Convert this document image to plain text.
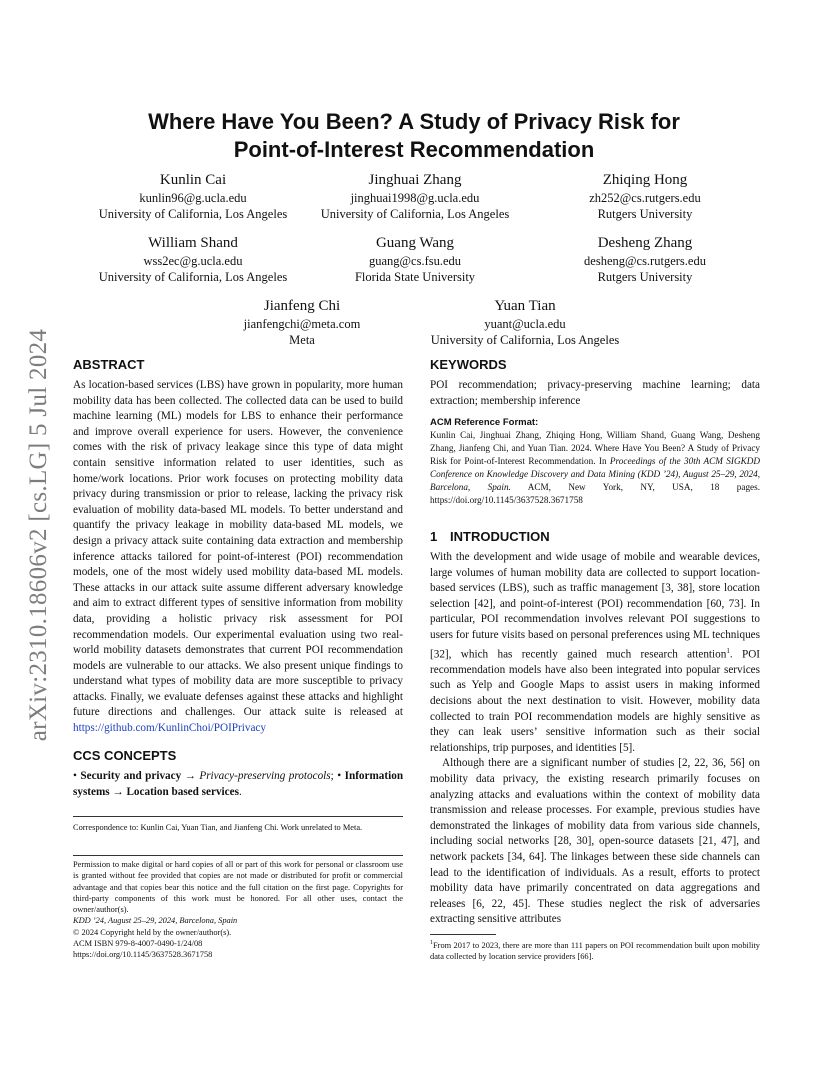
arXiv:2310.18606v2 [cs.LG] 5 Jul 2024
Where Have You Been? A Study of Privacy Risk for
Point-of-Interest Recommendation
Kunlin Cai
kunlin96@g.ucla.edu
University of California, Los Angeles
Jinghuai Zhang
jinghuai1998@g.ucla.edu
University of California, Los Angeles
Zhiqing Hong
zh252@cs.rutgers.edu
Rutgers University
William Shand
wss2ec@g.ucla.edu
University of California, Los Angeles
Guang Wang
guang@cs.fsu.edu
Florida State University
Desheng Zhang
desheng@cs.rutgers.edu
Rutgers University
Jianfeng Chi
jianfengchi@meta.com
Meta
Yuan Tian
yuant@ucla.edu
University of California, Los Angeles
ABSTRACT

As location-based services (LBS) have grown in popularity, more human mobility data has been collected. The collected data can be used to build machine learning (ML) models for LBS to enhance their performance and improve overall experience for users. However, the convenience comes with the risk of privacy leakage since this type of data might contain sensitive information related to user identities, such as home/work locations. Prior work focuses on protecting mobility data privacy during transmission or prior to release, lacking the privacy risk evaluation of mobility data-based ML models. To better understand and quantify the privacy leakage in mobility data-based ML models, we design a privacy attack suite containing data extraction and membership inference attacks tailored for point-of-interest (POI) recommendation models, one of the most widely used mobility data-based ML models. These attacks in our attack suite assume different adversary knowledge and aim to extract different types of sensitive information from mobility data, providing a holistic privacy risk assessment for POI recommendation models. Our experimental evaluation using two real-world mobility datasets demonstrates that current POI recommendation models are vulnerable to our attacks. We also present unique findings to understand what types of mobility data are more susceptible to privacy attacks. Finally, we evaluate defenses against these attacks and highlight future directions and challenges. Our attack suite is released at https://github.com/KunlinChoi/POIPrivacy

CCS CONCEPTS

• Security and privacy → Privacy-preserving protocols; • Information systems → Location based services.

Correspondence to: Kunlin Cai, Yuan Tian, and Jianfeng Chi. Work unrelated to Meta.

Permission to make digital or hard copies of all or part of this work for personal or classroom use is granted without fee provided that copies are not made or distributed for profit or commercial advantage and that copies bear this notice and the full citation on the first page. Copyrights for third-party components of this work must be honored. For all other uses, contact the owner/author(s).

KDD ’24, August 25–29, 2024, Barcelona, Spain
© 2024 Copyright held by the owner/author(s).
ACM ISBN 979-8-4007-0490-1/24/08
https://doi.org/10.1145/3637528.3671758
KEYWORDS

POI recommendation; privacy-preserving machine learning; data extraction; membership inference

ACM Reference Format:

Kunlin Cai, Jinghuai Zhang, Zhiqing Hong, William Shand, Guang Wang, Desheng Zhang, Jianfeng Chi, and Yuan Tian. 2024. Where Have You Been? A Study of Privacy Risk for Point-of-Interest Recommendation. In Proceedings of the 30th ACM SIGKDD Conference on Knowledge Discovery and Data Mining (KDD ’24), August 25–29, 2024, Barcelona, Spain. ACM, New York, NY, USA, 18 pages. https://doi.org/10.1145/3637528.3671758

1 INTRODUCTION

With the development and wide usage of mobile and wearable devices, large volumes of human mobility data are collected to support location-based services (LBS), such as traffic management [3, 38], store location selection [42], and point-of-interest (POI) recommendation [60, 73]. In particular, POI recommendation involves relevant POI suggestions to users for future visits based on personal preferences using ML techniques [32], which has recently gained much research attention$^1$. POI recommendation models have also been integrated into popular services such as Yelp and Google Maps to assist users in making informed decisions about the next destination to visit. However, mobility data collected to train POI recommendation models are highly sensitive as they can leak users’ sensitive information such as their social relationships, trip purposes, and identities [5].

Although there are a significant number of studies [2, 22, 36, 56] on mobility data privacy, the existing research primarily focuses on analyzing attacks and evaluations within the context of mobility data transmission and release processes. For example, previous studies have demonstrated the linkages of mobility data from various side channels, including social networks [28, 30], open-source datasets [21, 47], and network packets [34, 64]. The linkages between these side channels can lead to the identification of individuals. As a result, efforts to protect mobility data have primarily concentrated on data aggregations and releases [6, 22, 45]. These studies neglect the risk of adversaries extracting sensitive attributes

$^1$From 2017 to 2023, there are more than 111 papers on POI recommendation built upon mobility data collected by location service providers [66].
